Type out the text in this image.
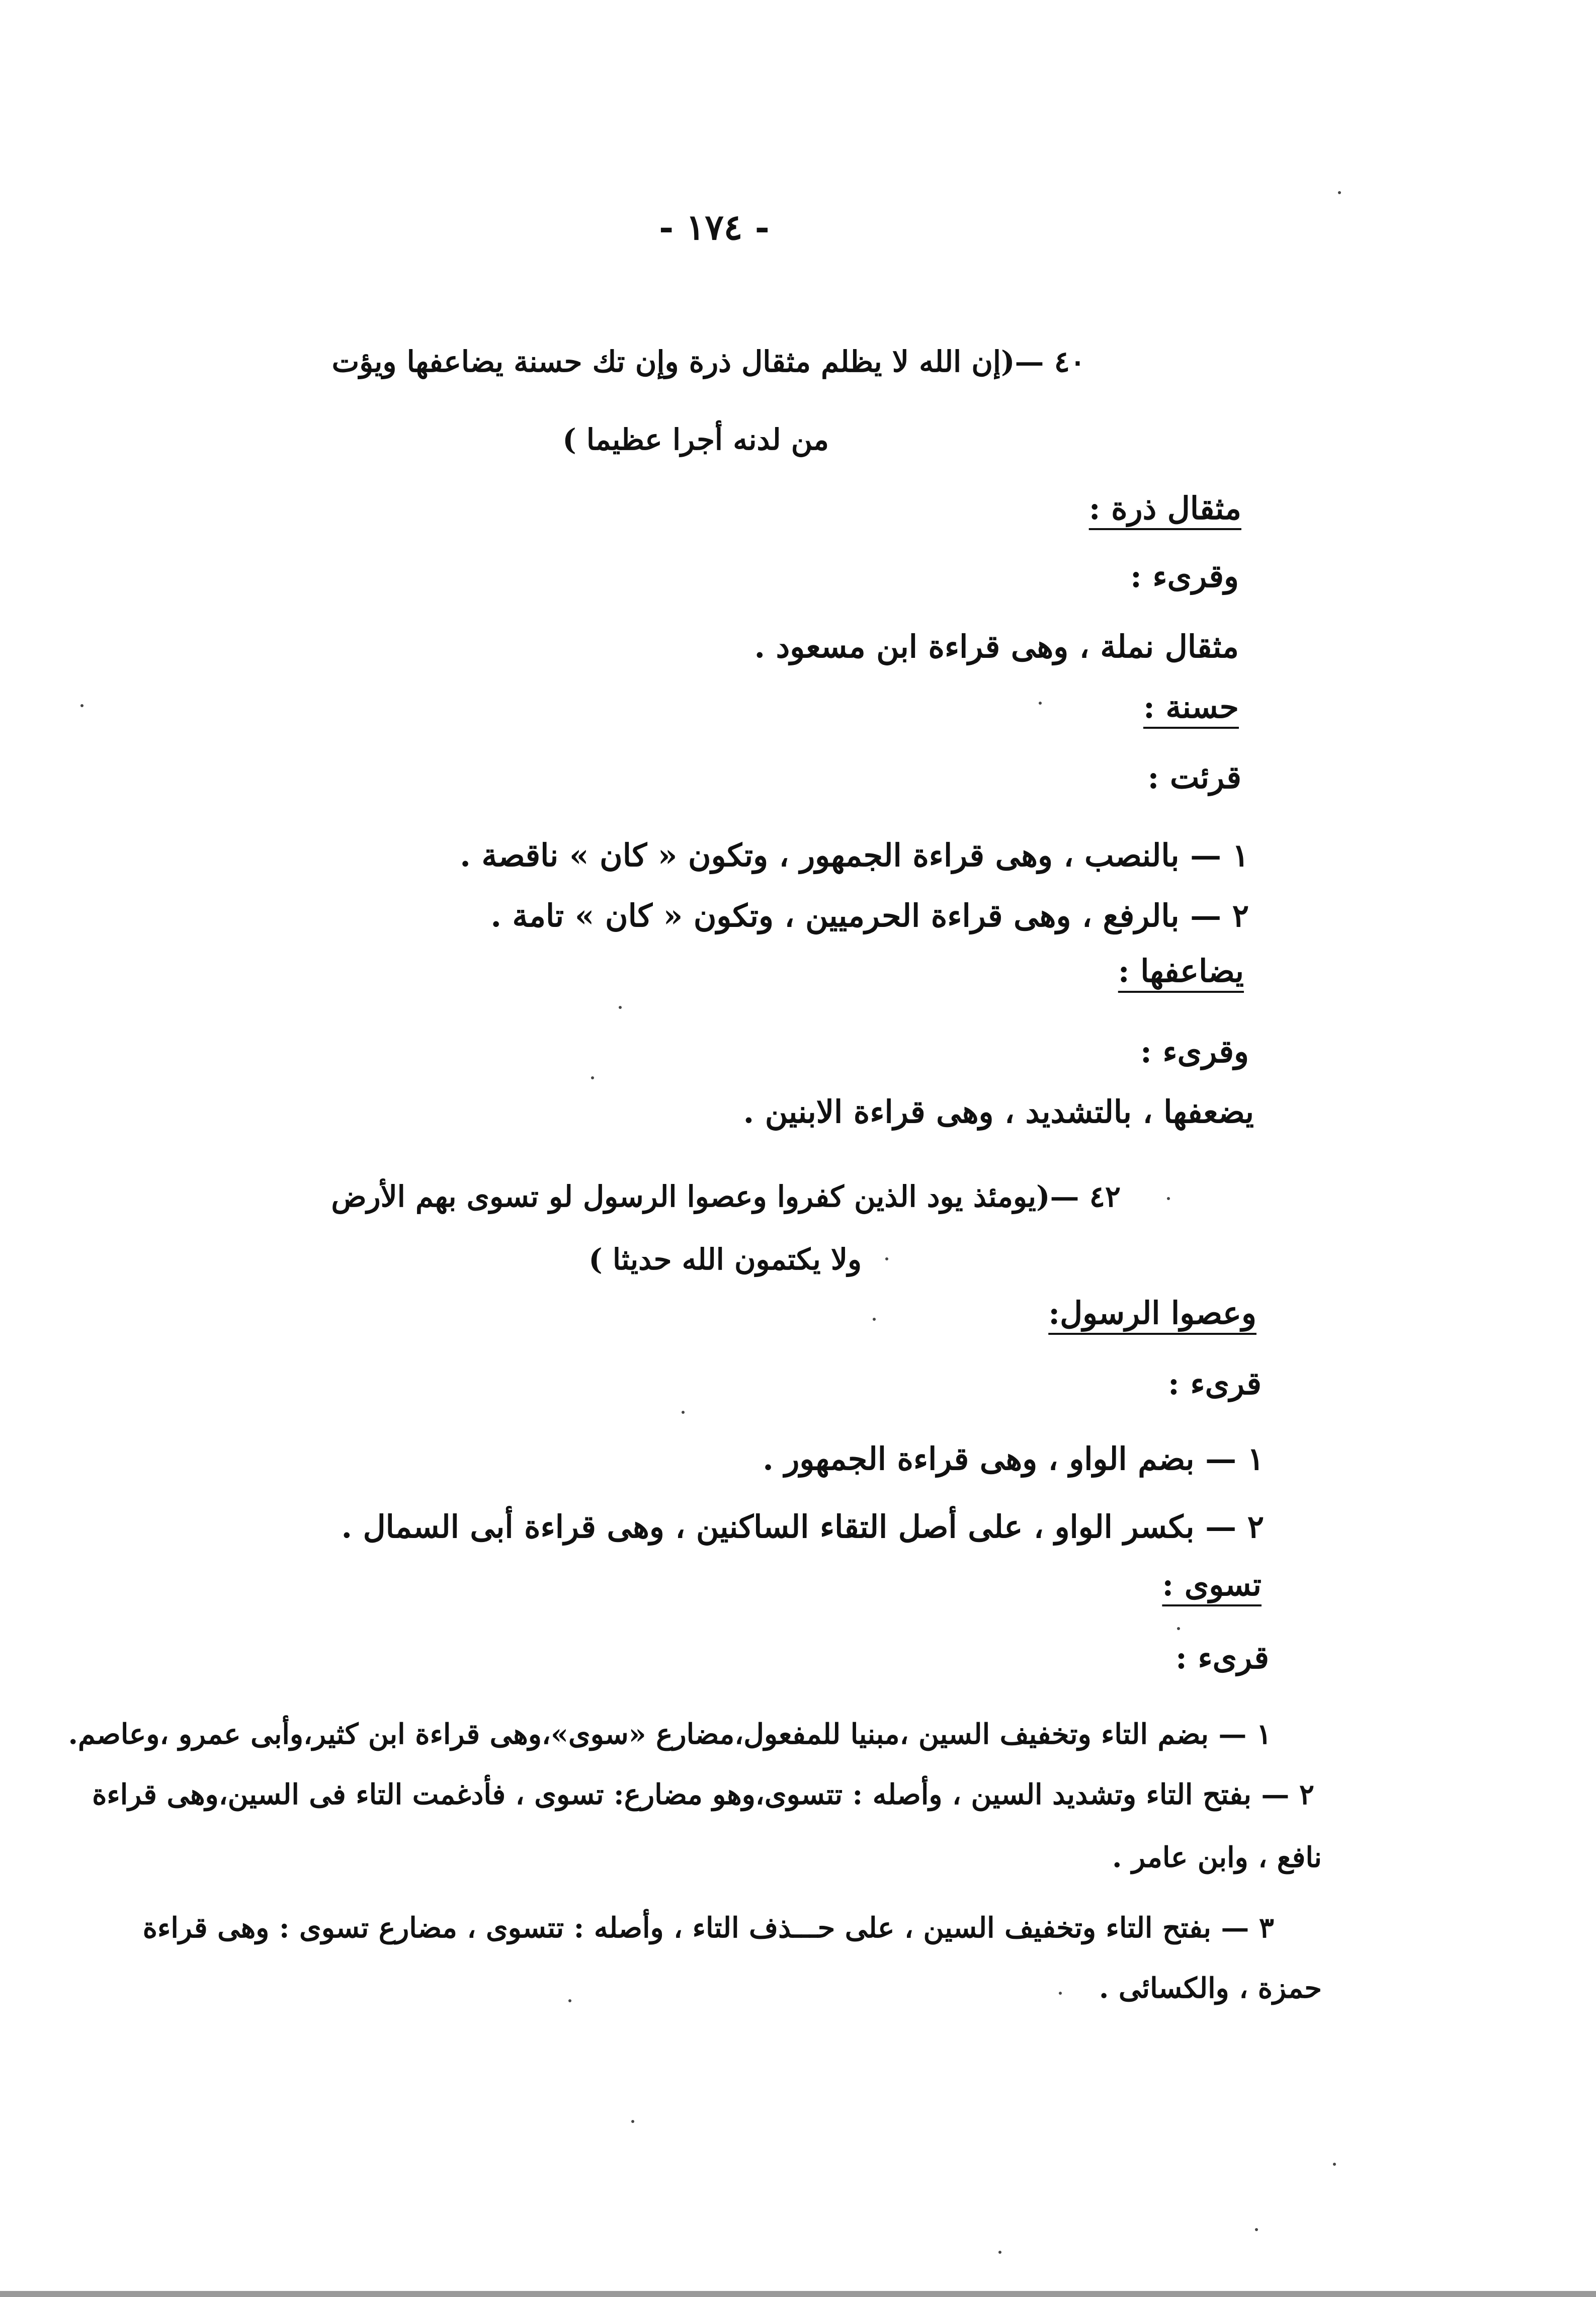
- ١٧٤ -
٤٠ —(إن الله لا يظلم مثقال ذرة وإن تك حسنة يضاعفها ويؤت
من لدنه أجرا عظيما )
مثقال ذرة :
وقرىء :
مثقال نملة ، وهى قراءة ابن مسعود .
حسنة :
قرئت :
١ — بالنصب ، وهى قراءة الجمهور ، وتكون « كان » ناقصة .
٢ — بالرفع ، وهى قراءة الحرميين ، وتكون « كان » تامة .
يضاعفها :
وقرىء :
يضعفها ، بالتشديد ، وهى قراءة الابنين .
٤٢ —(يومئذ يود الذين كفروا وعصوا الرسول لو تسوى بهم الأرض
ولا يكتمون الله حديثا )
وعصوا الرسول:
قرىء :
١ — بضم الواو ، وهى قراءة الجمهور .
٢ — بكسر الواو ، على أصل التقاء الساكنين ، وهى قراءة أبى السمال .
تسوى :
قرىء :
١ — بضم التاء وتخفيف السين ،مبنيا للمفعول،مضارع «سوى»،وهى قراءة ابن كثير،وأبى عمرو ،وعاصم.
٢ — بفتح التاء وتشديد السين ، وأصله : تتسوى،وهو مضارع: تسوى ، فأدغمت التاء فى السين،وهى قراءة
نافع ، وابن عامر .
٣ — بفتح التاء وتخفيف السين ، على حـــذف التاء ، وأصله : تتسوى ، مضارع تسوى : وهى قراءة
حمزة ، والكسائى .
